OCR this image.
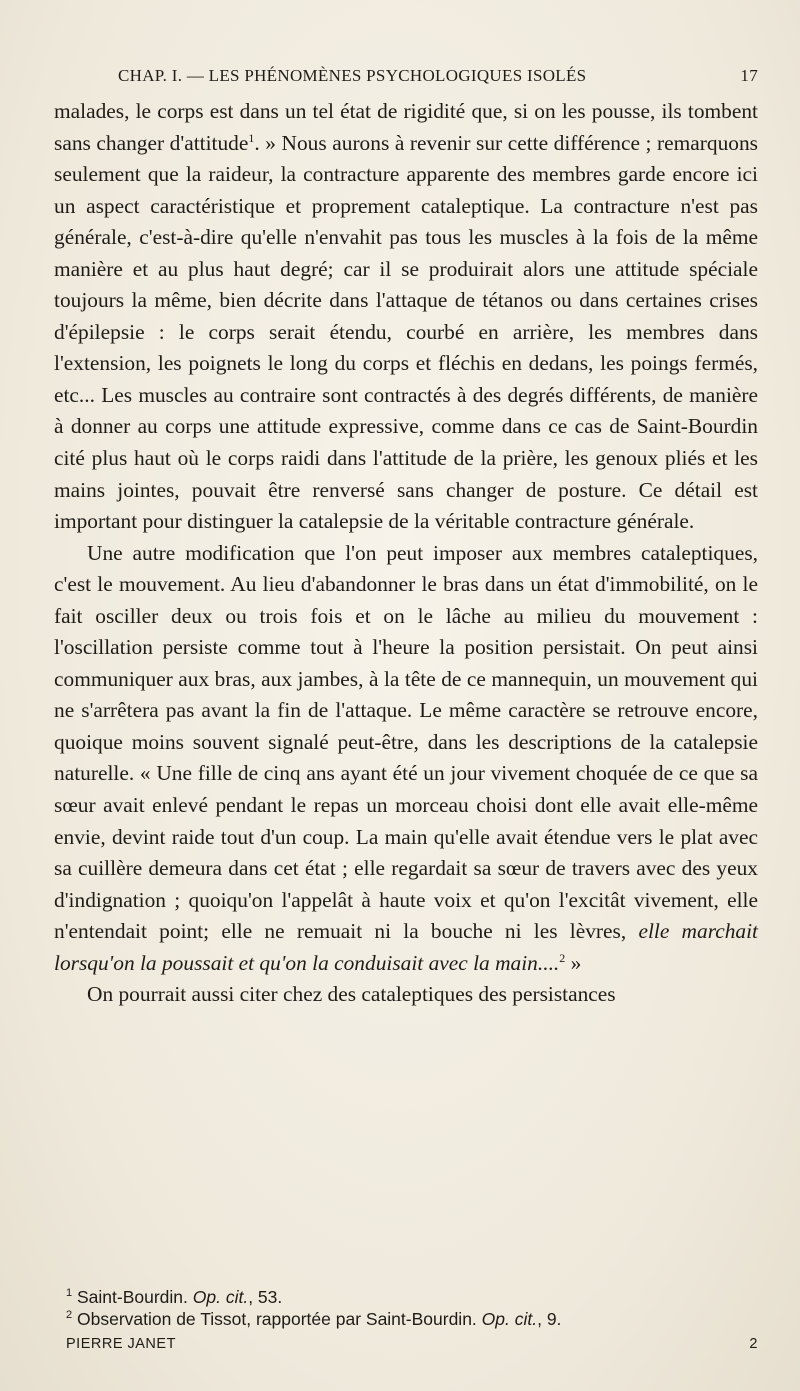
CHAP. I. — LES PHÉNOMÈNES PSYCHOLOGIQUES ISOLÉS	17

malades, le corps est dans un tel état de rigidité que, si on les pousse, ils tombent sans changer d'attitude$^1$. » Nous aurons à revenir sur cette différence ; remarquons seulement que la raideur, la contracture apparente des membres garde encore ici un aspect caractéristique et proprement cataleptique. La contracture n'est pas générale, c'est-à-dire qu'elle n'envahit pas tous les muscles à la fois de la même manière et au plus haut degré; car il se produirait alors une attitude spéciale toujours la même, bien décrite dans l'attaque de tétanos ou dans certaines crises d'épilepsie : le corps serait étendu, courbé en arrière, les membres dans l'extension, les poignets le long du corps et fléchis en dedans, les poings fermés, etc... Les muscles au contraire sont contractés à des degrés différents, de manière à donner au corps une attitude expressive, comme dans ce cas de Saint-Bourdin cité plus haut où le corps raidi dans l'attitude de la prière, les genoux pliés et les mains jointes, pouvait être renversé sans changer de posture. Ce détail est important pour distinguer la catalepsie de la véritable contracture générale.

Une autre modification que l'on peut imposer aux membres cataleptiques, c'est le mouvement. Au lieu d'abandonner le bras dans un état d'immobilité, on le fait osciller deux ou trois fois et on le lâche au milieu du mouvement : l'oscillation persiste comme tout à l'heure la position persistait. On peut ainsi communiquer aux bras, aux jambes, à la tête de ce mannequin, un mouvement qui ne s'arrêtera pas avant la fin de l'attaque. Le même caractère se retrouve encore, quoique moins souvent signalé peut-être, dans les descriptions de la catalepsie naturelle. « Une fille de cinq ans ayant été un jour vivement choquée de ce que sa sœur avait enlevé pendant le repas un morceau choisi dont elle avait elle-même envie, devint raide tout d'un coup. La main qu'elle avait étendue vers le plat avec sa cuillère demeura dans cet état ; elle regardait sa sœur de travers avec des yeux d'indignation ; quoiqu'on l'appelât à haute voix et qu'on l'excitât vivement, elle n'entendait point; elle ne remuait ni la bouche ni les lèvres, elle marchait lorsqu'on la poussait et qu'on la conduisait avec la main....$^2$ »

On pourrait aussi citer chez des cataleptiques des persistances

$^1$ Saint-Bourdin. Op. cit., 53.
$^2$ Observation de Tissot, rapportée par Saint-Bourdin. Op. cit., 9.
PIERRE JANET	2
